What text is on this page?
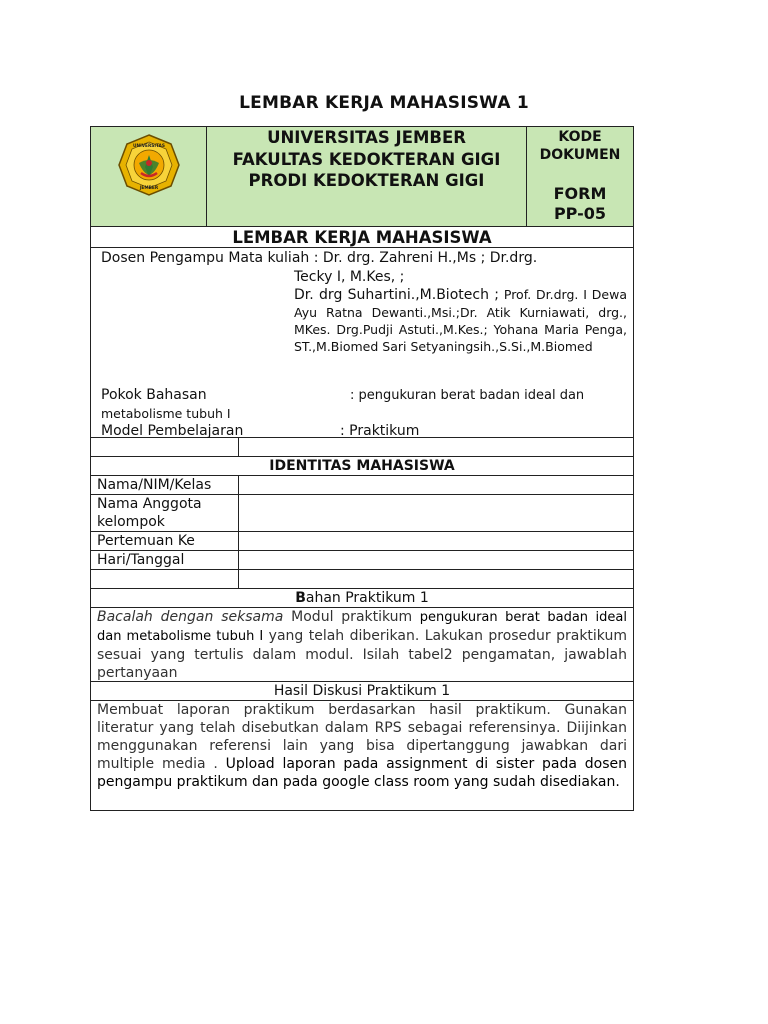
LEMBAR KERJA MAHASISWA 1
UNIVERSITAS
JEMBER
UNIVERSITAS JEMBER
FAKULTAS KEDOKTERAN GIGI
PRODI KEDOKTERAN GIGI
KODE
DOKUMEN
FORM
PP-05
LEMBAR KERJA MAHASISWA
Dosen Pengampu Mata kuliah : Dr. drg. Zahreni H.,Ms ; Dr.drg.
Tecky I, M.Kes, ;
Dr. drg Suhartini.,M.Biotech ; Prof. Dr.drg. I Dewa Ayu Ratna Dewanti.,Msi.;Dr. Atik Kurniawati, drg., MKes. Drg.Pudji Astuti.,M.Kes.; Yohana Maria Penga, ST.,M.Biomed Sari Setyaningsih.,S.Si.,M.Biomed
Pokok Bahasan	: pengukuran berat badan ideal dan
metabolisme tubuh I
Model Pembelajaran	: Praktikum
IDENTITAS MAHASISWA
Nama/NIM/Kelas
Nama Anggota kelompok
Pertemuan Ke
Hari/Tanggal
Bahan Praktikum 1
Bacalah dengan seksama Modul praktikum pengukuran berat badan ideal dan metabolisme tubuh I yang telah diberikan. Lakukan prosedur praktikum sesuai yang tertulis dalam modul. Isilah tabel2 pengamatan, jawablah pertanyaan
Hasil Diskusi Praktikum 1
Membuat laporan praktikum berdasarkan hasil praktikum. Gunakan literatur yang telah disebutkan dalam RPS sebagai referensinya. Diijinkan menggunakan referensi lain yang bisa dipertanggung jawabkan dari multiple media . Upload laporan pada assignment di sister pada dosen pengampu praktikum dan pada google class room yang sudah disediakan.
